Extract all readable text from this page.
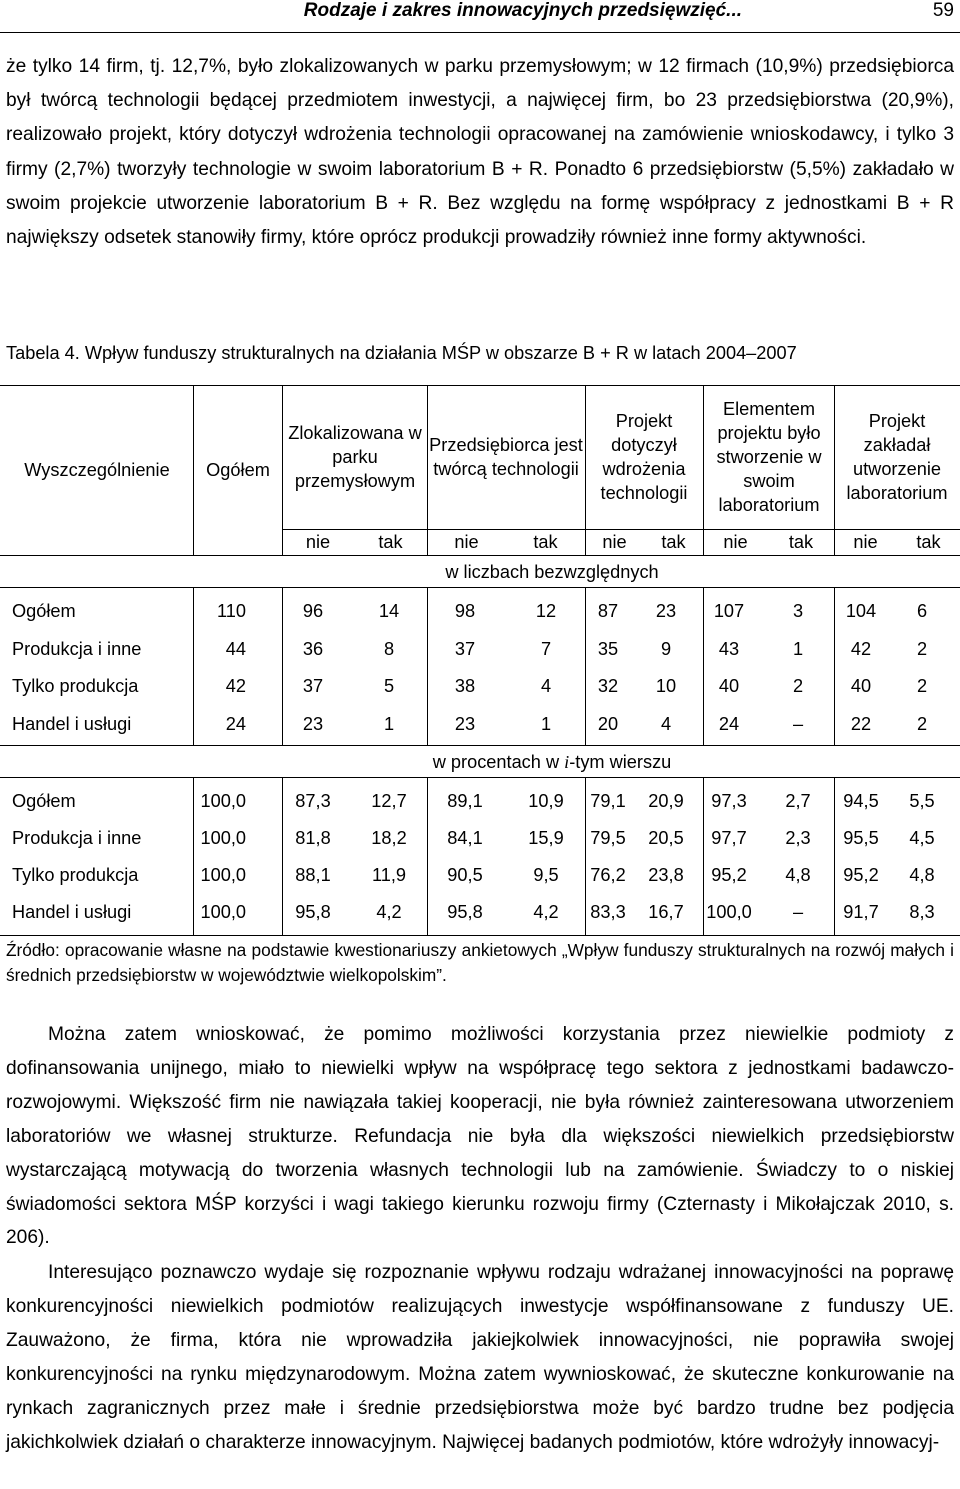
Rodzaje i zakres innowacyjnych przedsięwzięć...	59

że tylko 14 firm, tj. 12,7%, było zlokalizowanych w parku przemysłowym; w 12 firmach (10,9%) przedsiębiorca był twórcą technologii będącej przedmiotem inwestycji, a najwięcej firm, bo 23 przedsiębiorstwa (20,9%), realizowało projekt, który dotyczył wdrożenia technologii opracowanej na zamówienie wnioskodawcy, i tylko 3 firmy (2,7%) tworzyły technologie w swoim laboratorium B + R. Ponadto 6 przedsiębiorstw (5,5%) zakładało w swoim projekcie utworzenie laboratorium B + R. Bez względu na formę współpracy z jednostkami B + R największy odsetek stanowiły firmy, które oprócz produkcji prowadziły również inne formy aktywności.

Tabela 4. Wpływ funduszy strukturalnych na działania MŚP w obszarze B + R w latach 2004–2007
Wyszczególnienie	Ogółem
Zlokalizowana w parku przemysłowym
Przedsiębiorca jest twórcą technologii
Projekt dotyczył wdrożenia technologii
Elementem projektu było stworzenie w swoim laboratorium
Projekt zakładał utworzenie laboratorium
nie	tak	nie	tak	nie	tak	nie	tak	nie	tak
w liczbach bezwzględnych
w procentach w i-tym wierszu
Ogółem	110	96	14	98	12	87	23	107	3	104	6
Produkcja i inne	44	36	8	37	7	35	9	43	1	42	2
Tylko produkcja	42	37	5	38	4	32	10	40	2	40	2
Handel i usługi	24	23	1	23	1	20	4	24	–	22	2
Ogółem	100,0	87,3	12,7	89,1	10,9	79,1 20,9	97,3	2,7	94,5	5,5
Produkcja i inne	100,0	81,8	18,2	84,1	15,9	79,5 20,5	97,7	2,3	95,5	4,5
Tylko produkcja	100,0	88,1	11,9	90,5	9,5	76,2 23,8	95,2	4,8	95,2	4,8
Handel i usługi	100,0	95,8	4,2	95,8	4,2	83,3 16,7 100,0	–	91,7	8,3

Źródło: opracowanie własne na podstawie kwestionariuszy ankietowych „Wpływ funduszy strukturalnych na rozwój małych i średnich przedsiębiorstw w województwie wielkopolskim”.

Można zatem wnioskować, że pomimo możliwości korzystania przez niewielkie podmioty z dofinansowania unijnego, miało to niewielki wpływ na współpracę tego sektora z jednostkami badawczo-rozwojowymi. Większość firm nie nawiązała takiej kooperacji, nie była również zainteresowana utworzeniem laboratoriów we własnej strukturze. Refundacja nie była dla większości niewielkich przedsiębiorstw wystarczającą motywacją do tworzenia własnych technologii lub na zamówienie. Świadczy to o niskiej świadomości sektora MŚP korzyści i wagi takiego kierunku rozwoju firmy (Czternasty i Mikołajczak 2010, s. 206).

Interesująco poznawczo wydaje się rozpoznanie wpływu rodzaju wdrażanej innowacyjności na poprawę konkurencyjności niewielkich podmiotów realizujących inwestycje współfinansowane z funduszy UE. Zauważono, że firma, która nie wprowadziła jakiejkolwiek innowacyjności, nie poprawiła swojej konkurencyjności na rynku międzynarodowym. Można zatem wywnioskować, że skuteczne konkurowanie na rynkach zagranicznych przez małe i średnie przedsiębiorstwa może być bardzo trudne bez podjęcia jakichkolwiek działań o charakterze innowacyjnym. Najwięcej badanych podmiotów, które wdrożyły innowacyj-
